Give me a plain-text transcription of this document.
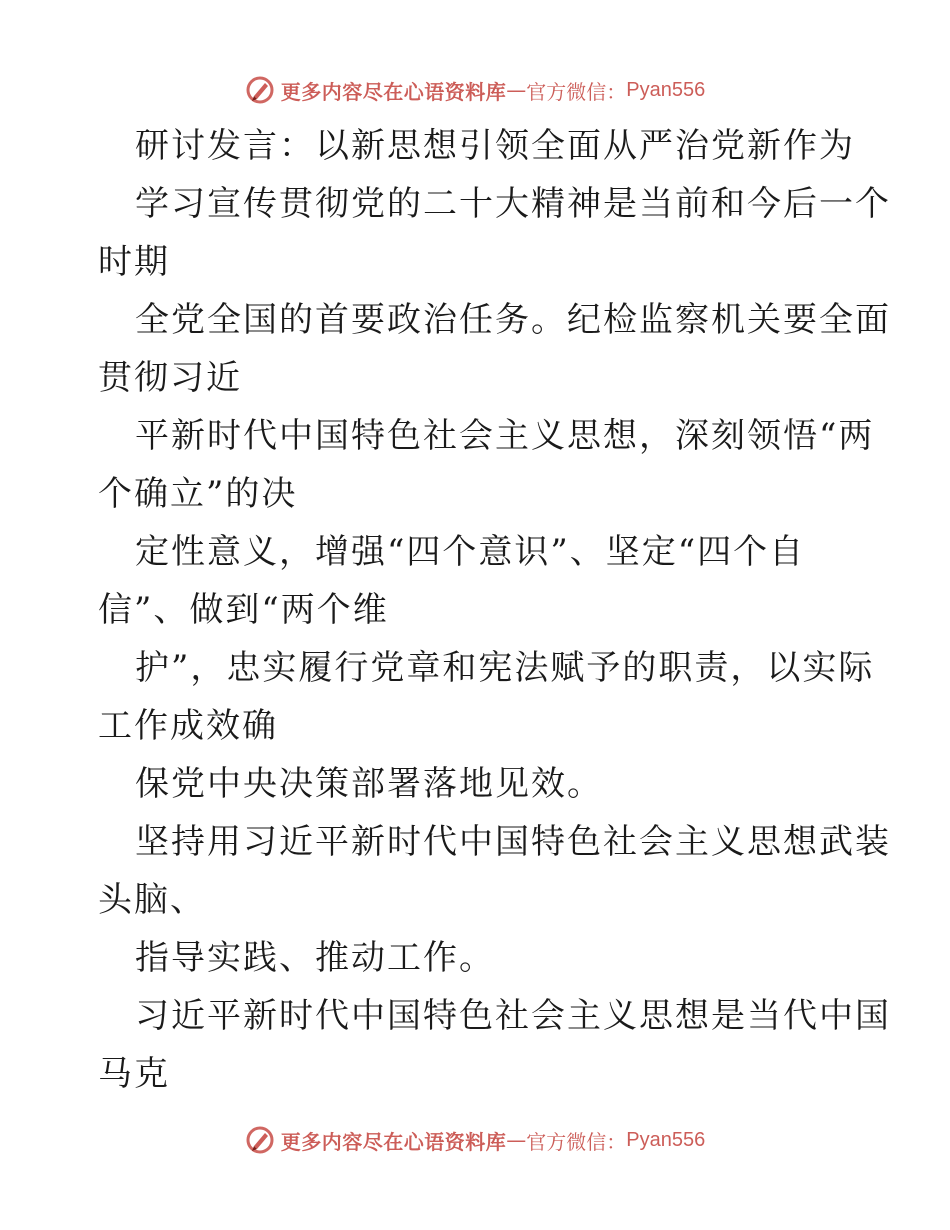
更多内容尽在心语资料库 — 官方微信： Pyan556
研讨发言：以新思想引领全面从严治党新作为
学习宣传贯彻党的二十大精神是当前和今后一个
时期
全党全国的首要政治任务。纪检监察机关要全面
贯彻习近
平新时代中国特色社会主义思想，深刻领悟“两
个确立”的决
定性意义，增强“四个意识”、坚定“四个自
信”、做到“两个维
护”，忠实履行党章和宪法赋予的职责，以实际
工作成效确
保党中央决策部署落地见效。
坚持用习近平新时代中国特色社会主义思想武装
头脑、
指导实践、推动工作。
习近平新时代中国特色社会主义思想是当代中国
马克
更多内容尽在心语资料库 — 官方微信： Pyan556
